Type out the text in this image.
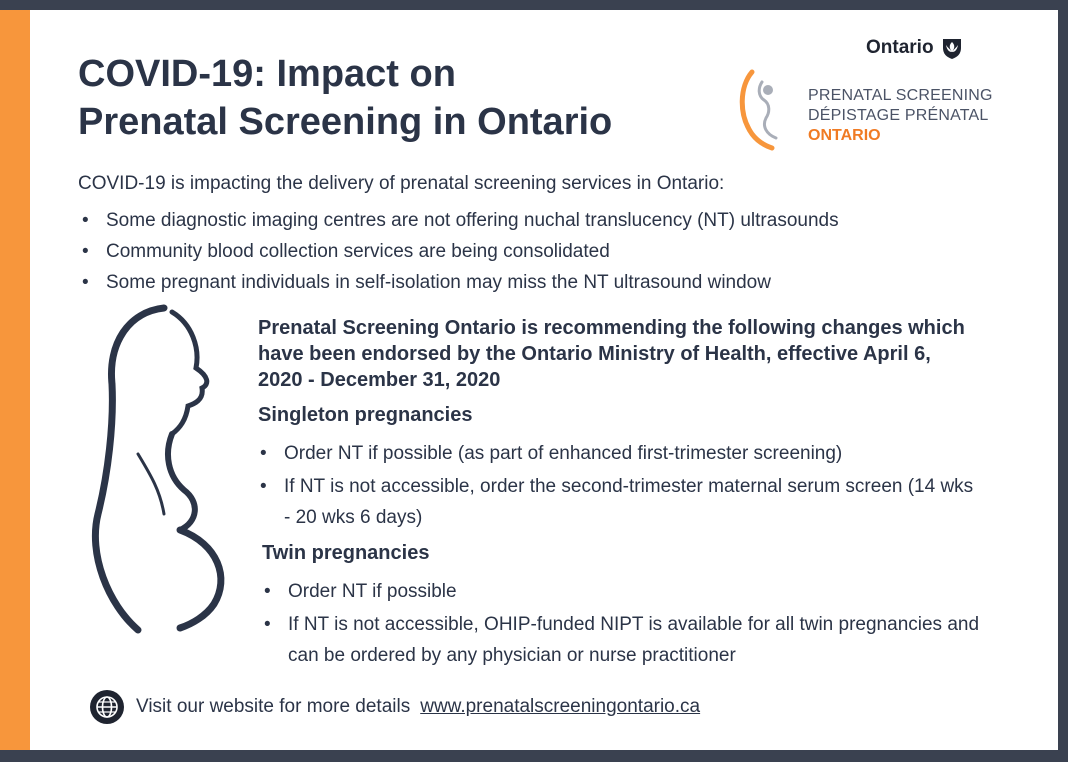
COVID-19: Impact on
Prenatal Screening in Ontario
Ontario
PRENATAL SCREENING
DÉPISTAGE PRÉNATAL
ONTARIO
COVID-19 is impacting the delivery of prenatal screening services in Ontario:
• Some diagnostic imaging centres are not offering nuchal translucency (NT) ultrasounds
• Community blood collection services are being consolidated
• Some pregnant individuals in self-isolation may miss the NT ultrasound window

Prenatal Screening Ontario is recommending the following changes which have been endorsed by the Ontario Ministry of Health, effective April 6, 2020 - December 31, 2020

Singleton pregnancies
• Order NT if possible (as part of enhanced first-trimester screening)
• If NT is not accessible, order the second-trimester maternal serum screen (14 wks - 20 wks 6 days)
Twin pregnancies
• Order NT if possible
• If NT is not accessible, OHIP-funded NIPT is available for all twin pregnancies and can be ordered by any physician or nurse practitioner
Visit our website for more details www.prenatalscreeningontario.ca
